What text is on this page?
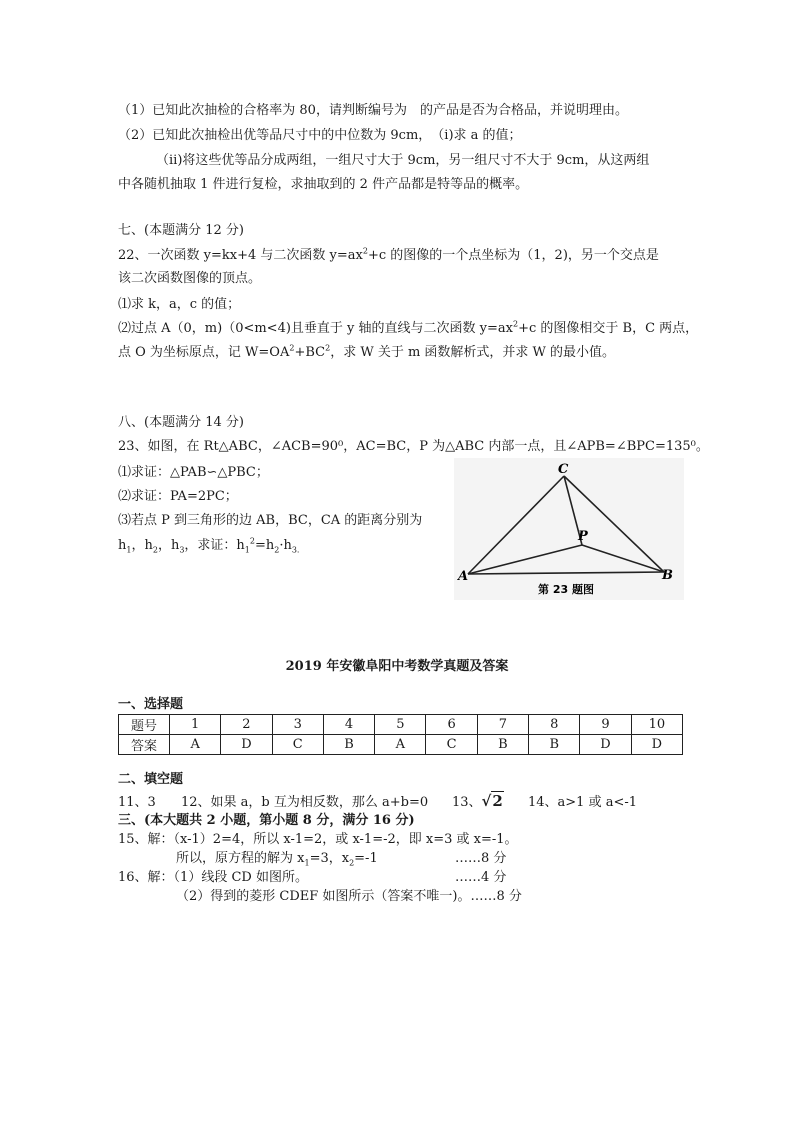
（1）已知此次抽检的合格率为 80，请判断编号为　的产品是否为合格品，并说明理由。
（2）已知此次抽检出优等品尺寸中的中位数为 9cm，　（ⅰ)求 a 的值；
（ⅱ)将这些优等品分成两组，一组尺寸大于 9cm，另一组尺寸不大于 9cm，从这两组
中各随机抽取 1 件进行复检，求抽取到的 2 件产品都是特等品的概率。
七、(本题满分 12 分)
22、一次函数 y=kx+4 与二次函数 $y=ax^2+c$ 的图像的一个点坐标为（1，2)，另一个交点是
该二次函数图像的顶点。
⑴求 k，a，c 的值；
⑵过点 A（0，m)（0<m<4)且垂直于 y 轴的直线与二次函数 $y=ax^2+c$ 的图像相交于 B，C 两点，
点 O 为坐标原点，记 $W=OA^2+BC^2$，求 W 关于 m 函数解析式，并求 W 的最小值。
八、(本题满分 14 分)
23、如图，在 Rt△ABC，∠ACB=90⁰，AC=BC，P 为△ABC 内部一点，且∠APB=∠BPC=135⁰。
⑴求证：△PAB∽△PBC；
⑵求证：PA=2PC；
⑶若点 P 到三角形的边 AB，BC，CA 的距离分别为
$h_1$，$h_2$，$h_3$，求证：$h_1^2=h_2\cdot h_{3.}$
C
P
A	B
第 23 题图
2019 年安徽阜阳中考数学真题及答案
一、选择题
题号	1	2	3	4	5	6	7	8	9	10
答案	A	D	C	B	A	C	B	B	D	D
二、填空题
11、3 12、如果 a，b 互为相反数，那么 a+b=0 13、√2 14、a>1 或 a<-1
三、(本大题共 2 小题，第小题 8 分，满分 16 分)
15、解：（x-1）2=4，所以 x-1=2，或 x-1=-2，即 x=3 或 x=-1。
所以，原方程的解为 $x_1=3$，$x_2=-1$	……8 分
16、解：（1）线段 CD 如图所。	……4 分
（2）得到的菱形 CDEF 如图所示（答案不唯一)。……8 分
